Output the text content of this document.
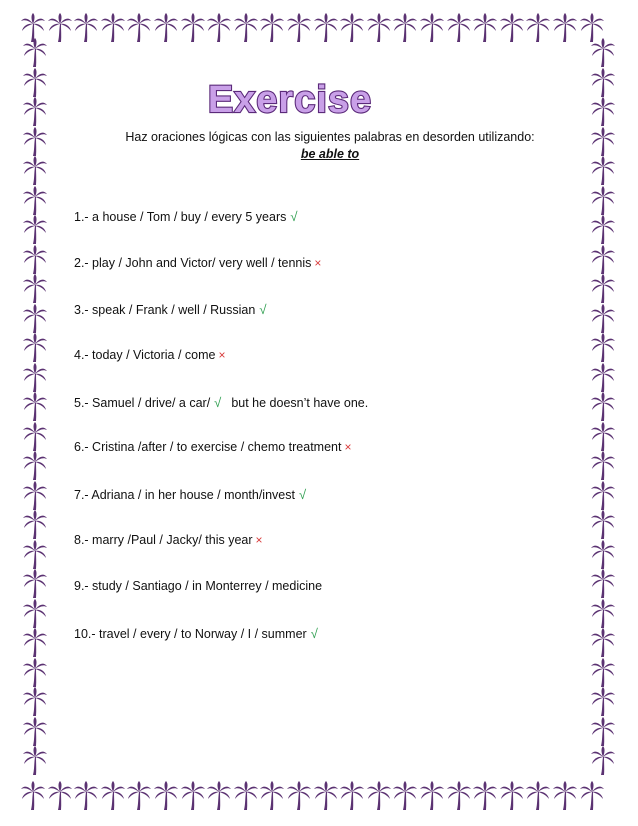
Exercise
Haz oraciones lógicas con las siguientes palabras en desorden utilizando:
be able to
1.- a house / Tom / buy / every 5 years √
2.- play / John and Victor/ very well / tennis ×
3.- speak / Frank / well / Russian √
4.- today / Victoria / come ×
5.- Samuel / drive/ a car/ √ but he doesn’t have one.
6.- Cristina /after / to exercise / chemo treatment ×
7.- Adriana / in her house / month/invest √
8.- marry /Paul / Jacky/ this year ×
9.- study / Santiago / in Monterrey / medicine
10.- travel / every / to Norway / I / summer √
